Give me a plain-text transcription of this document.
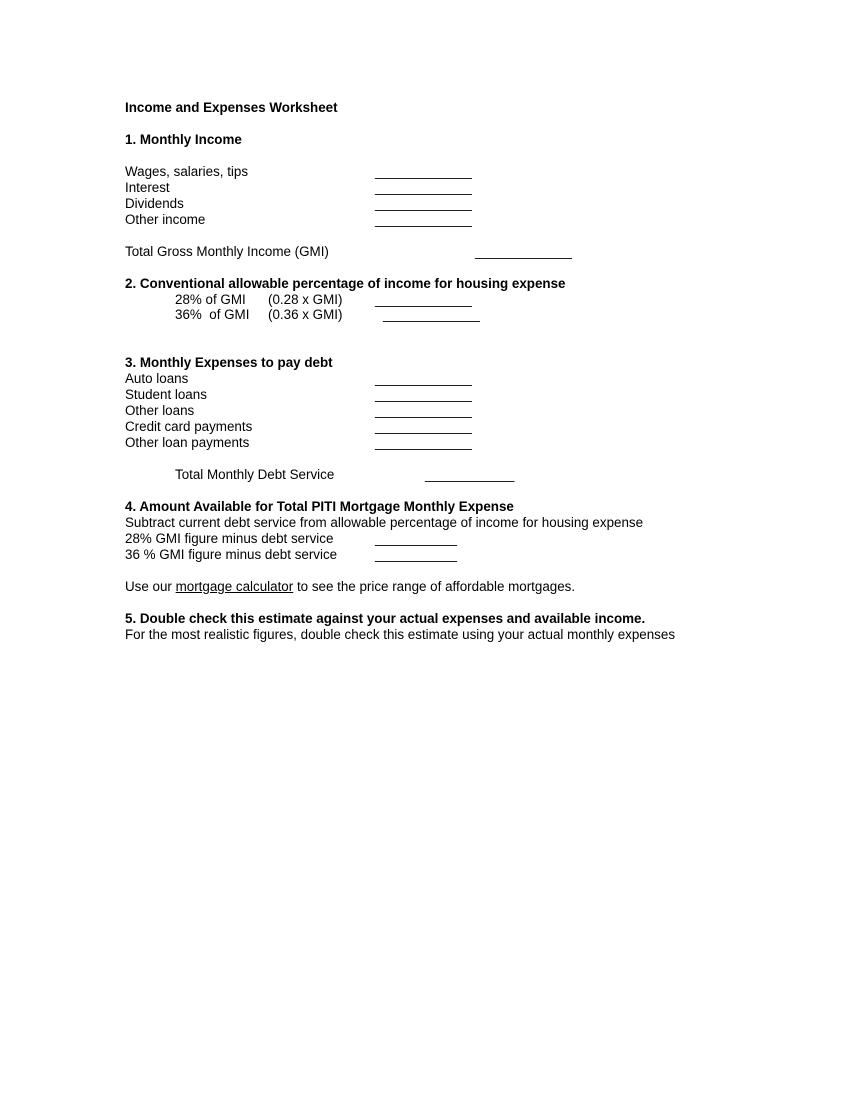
Income and Expenses Worksheet
1. Monthly Income
Wages, salaries, tips	_____________
Interest	_____________
Dividends	_____________
Other income	_____________
Total Gross Monthly Income (GMI)	_____________
2. Conventional allowable percentage of income for housing expense
28% of GMI (0.28 x GMI) _____________
36%  of GMI (0.36 x GMI)	_____________
3. Monthly Expenses to pay debt
Auto loans	_____________
Student loans	_____________
Other loans	_____________
Credit card payments	_____________
Other loan payments	_____________
Total Monthly Debt Service	____________
4. Amount Available for Total PITI Mortgage Monthly Expense
Subtract current debt service from allowable percentage of income for housing expense
28% GMI figure minus debt service	___________
36 % GMI figure minus debt service	___________
Use our mortgage calculator to see the price range of affordable mortgages.
5. Double check this estimate against your actual expenses and available income.
For the most realistic figures, double check this estimate using your actual monthly expenses
